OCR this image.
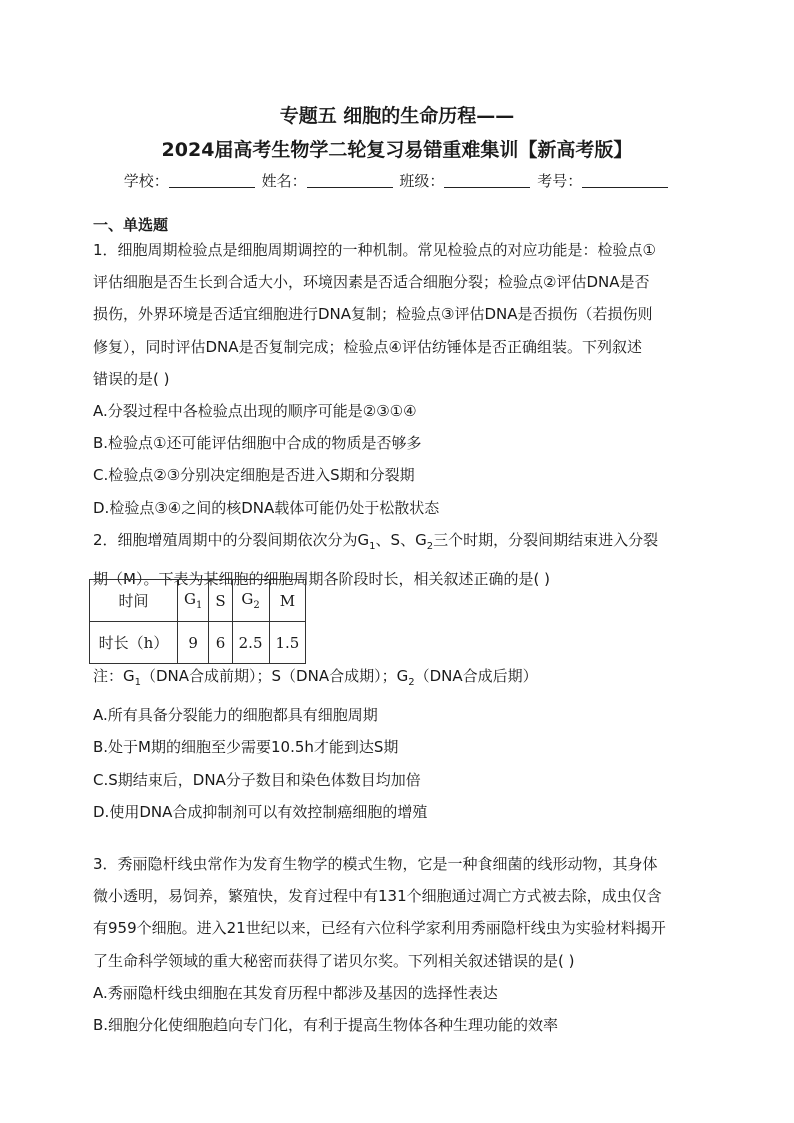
专题五 细胞的生命历程——
2024届高考生物学二轮复习易错重难集训【新高考版】
学校：	姓名：	班级：	考号：
一、单选题

1．细胞周期检验点是细胞周期调控的一种机制。常见检验点的对应功能是：检验点①

评估细胞是否生长到合适大小，环境因素是否适合细胞分裂；检验点②评估DNA是否

损伤，外界环境是否适宜细胞进行DNA复制；检验点③评估DNA是否损伤（若损伤则

修复），同时评估DNA是否复制完成；检验点④评估纺锤体是否正确组装。下列叙述

错误的是( )

A.分裂过程中各检验点出现的顺序可能是②③①④

B.检验点①还可能评估细胞中合成的物质是否够多

C.检验点②③分别决定细胞是否进入S期和分裂期

D.检验点③④之间的核DNA载体可能仍处于松散状态

2．细胞增殖周期中的分裂间期依次分为$G_1$、S、$G_2$三个时期，分裂间期结束进入分裂

期（M）。下表为某细胞的细胞周期各阶段时长，相关叙述正确的是( )

时间	$G_1$	S	$G_2$	M
时长（h）	9	6	2.5	1.5

注：$G_1(DNA$合成前期）；S（DNA合成期）；$G_2(DNA$合成后期）

A.所有具备分裂能力的细胞都具有细胞周期

B.处于M期的细胞至少需要10.5h才能到达S期

C.S期结束后，DNA分子数目和染色体数目均加倍

D.使用DNA合成抑制剂可以有效控制癌细胞的增殖

3．秀丽隐杆线虫常作为发育生物学的模式生物，它是一种食细菌的线形动物，其身体

微小透明，易饲养，繁殖快，发育过程中有131个细胞通过凋亡方式被去除，成虫仅含

有959个细胞。进入21世纪以来，已经有六位科学家利用秀丽隐杆线虫为实验材料揭开

了生命科学领域的重大秘密而获得了诺贝尔奖。下列相关叙述错误的是( )

A.秀丽隐杆线虫细胞在其发育历程中都涉及基因的选择性表达

B.细胞分化使细胞趋向专门化，有利于提高生物体各种生理功能的效率
